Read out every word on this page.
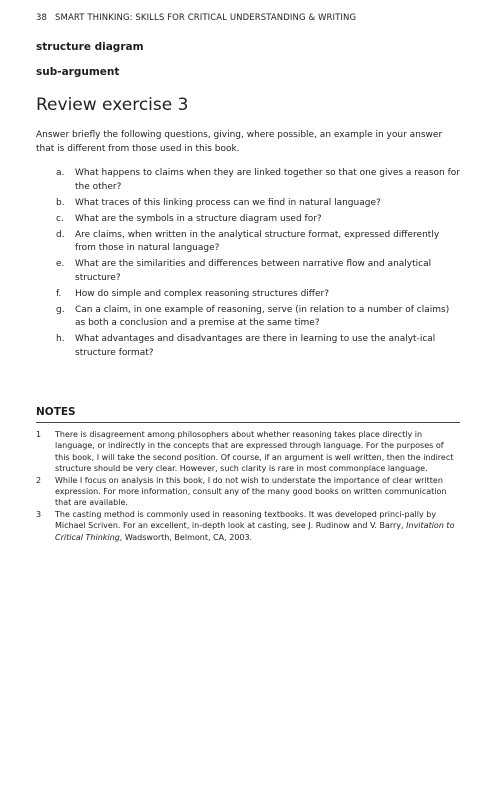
38 SMART THINKING: SKILLS FOR CRITICAL UNDERSTANDING & WRITING
structure diagram
sub-argument
Review exercise 3

Answer briefly the following questions, giving, where possible, an example in your answer that is different from those used in this book.

a. What happens to claims when they are linked together so that one gives a reason for the other?
b. What traces of this linking process can we find in natural language?
c. What are the symbols in a structure diagram used for?
d. Are claims, when written in the analytical structure format, expressed differently from those in natural language?
e. What are the similarities and differences between narrative flow and analytical structure?
f. How do simple and complex reasoning structures differ?
g. Can a claim, in one example of reasoning, serve (in relation to a number of claims) as both a conclusion and a premise at the same time?
h. What advantages and disadvantages are there in learning to use the analyt-ical structure format?
NOTES
1 There is disagreement among philosophers about whether reasoning takes place directly in language, or indirectly in the concepts that are expressed through language. For the purposes of this book, I will take the second position. Of course, if an argument is well written, then the indirect structure should be very clear. However, such clarity is rare in most commonplace language.
2 While I focus on analysis in this book, I do not wish to understate the importance of clear written expression. For more information, consult any of the many good books on written communication that are available.
3 The casting method is commonly used in reasoning textbooks. It was developed princi-pally by Michael Scriven. For an excellent, in-depth look at casting, see J. Rudinow and V. Barry, Invitation to Critical Thinking, Wadsworth, Belmont, CA, 2003.
